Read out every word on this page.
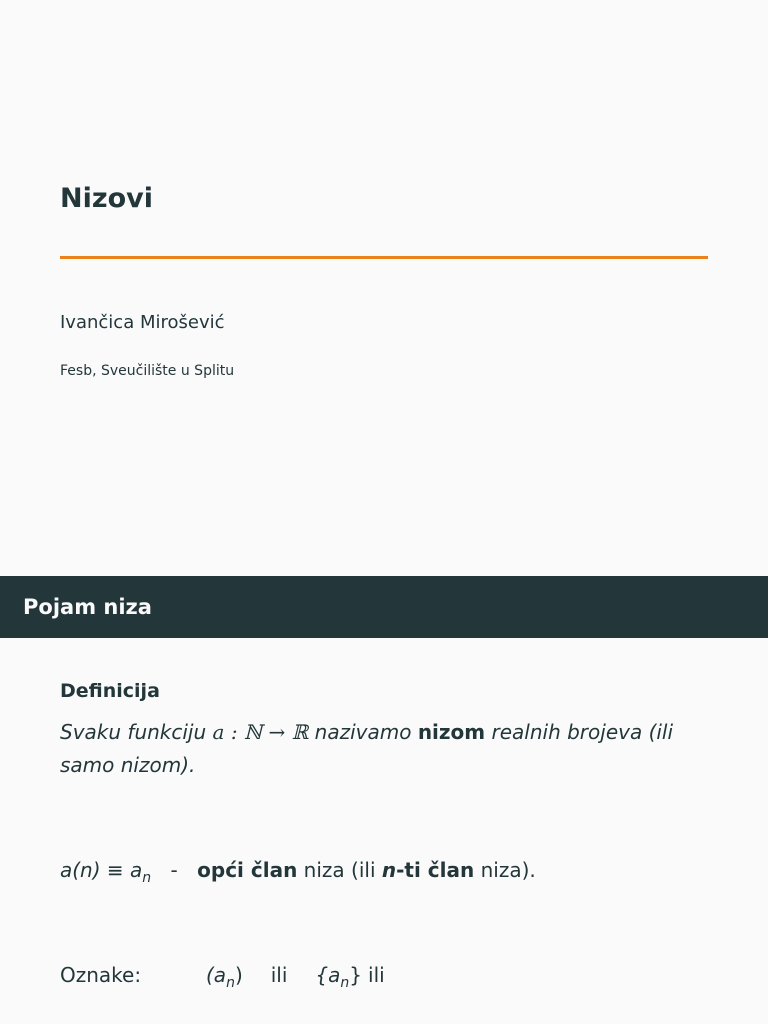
Nizovi
Ivančica Mirošević
Fesb, Sveučilište u Splitu
Pojam niza
Definicija

Svaku funkciju a : ℕ → ℝ nazivamo nizom realnih brojeva (ili samo nizom).

$a(n) \equiv a_n$ - opći član niza (ili n-ti član niza).
Oznake:	$(a_n)$ ili $\{a_n\}$ ili
